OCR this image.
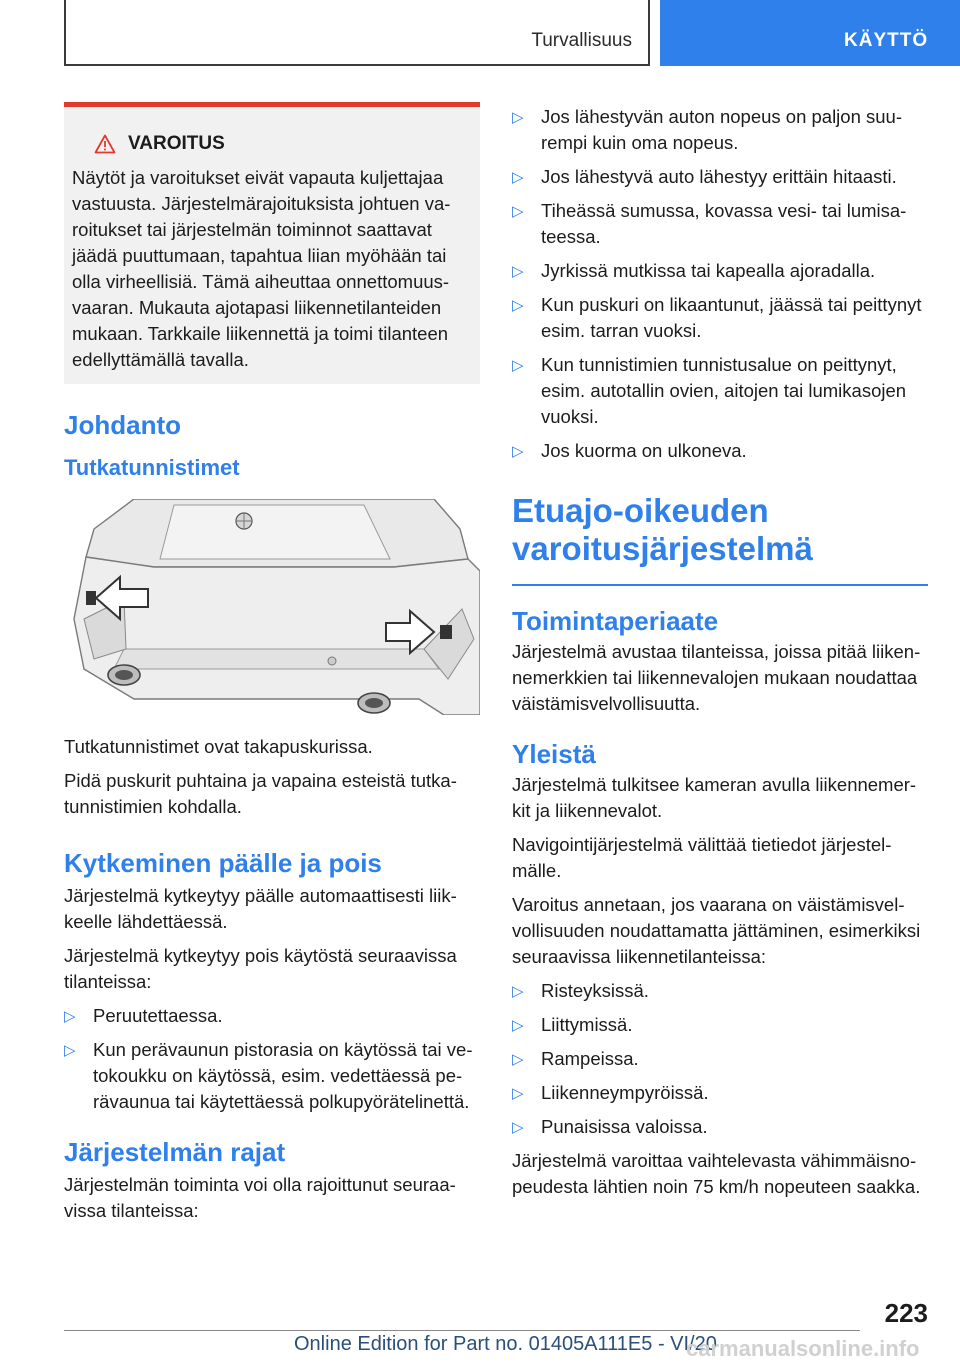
Turvallisuus	KÄYTTÖ
VAROITUS

Näytöt ja varoitukset eivät vapauta kuljettajaa vastuusta. Järjestelmärajoituksista johtuen varoitukset tai järjestelmän toiminnot saattavat jäädä puuttumaan, tapahtua liian myöhään tai olla virheellisiä. Tämä aiheuttaa onnettomuusvaaran. Mukauta ajotapasi liikennetilanteiden mukaan. Tarkkaile liikennettä ja toimi tilanteen edellyttämällä tavalla.

Johdanto
Tutkatunnistimet

Tutkatunnistimet ovat takapuskurissa.

Pidä puskurit puhtaina ja vapaina esteistä tutkatunnistimien kohdalla.

Kytkeminen päälle ja pois

Järjestelmä kytkeytyy päälle automaattisesti liikkeelle lähdettäessä.

Järjestelmä kytkeytyy pois käytöstä seuraavissa tilanteissa:

▷ Peruutettaessa.
▷ Kun perävaunun pistorasia on käytössä tai vetokoukku on käytössä, esim. vedettäessä perävaunua tai käytettäessä polkupyörätelinettä.
Järjestelmän rajat

Järjestelmän toiminta voi olla rajoittunut seuraavissa tilanteissa:

▷ Jos lähestyvän auton nopeus on paljon suurempi kuin oma nopeus.
▷ Jos lähestyvä auto lähestyy erittäin hitaasti.
▷ Tiheässä sumussa, kovassa vesi- tai lumisateessa.
▷ Jyrkissä mutkissa tai kapealla ajoradalla.
▷ Kun puskuri on likaantunut, jäässä tai peittynyt esim. tarran vuoksi.
▷ Kun tunnistimien tunnistusalue on peittynyt, esim. autotallin ovien, aitojen tai lumikasojen vuoksi.
▷ Jos kuorma on ulkoneva.
Etuajo-oikeuden varoitusjärjestelmä
Toimintaperiaate

Järjestelmä avustaa tilanteissa, joissa pitää liikennemerkkien tai liikennevalojen mukaan noudattaa väistämisvelvollisuutta.

Yleistä

Järjestelmä tulkitsee kameran avulla liikennemerkit ja liikennevalot.

Navigointijärjestelmä välittää tietiedot järjestelmälle.

Varoitus annetaan, jos vaarana on väistämisvelvollisuuden noudattamatta jättäminen, esimerkiksi seuraavissa liikennetilanteissa:

▷ Risteyksissä.
▷ Liittymissä.
▷ Rampeissa.
▷ Liikenneympyröissä.
▷ Punaisissa valoissa.

Järjestelmä varoittaa vaihtelevasta vähimmäisnopeudesta lähtien noin 75 km/h nopeuteen saakka.

223
Online Edition for Part no. 01405A111E5 - VI/20
carmanualsonline.info
